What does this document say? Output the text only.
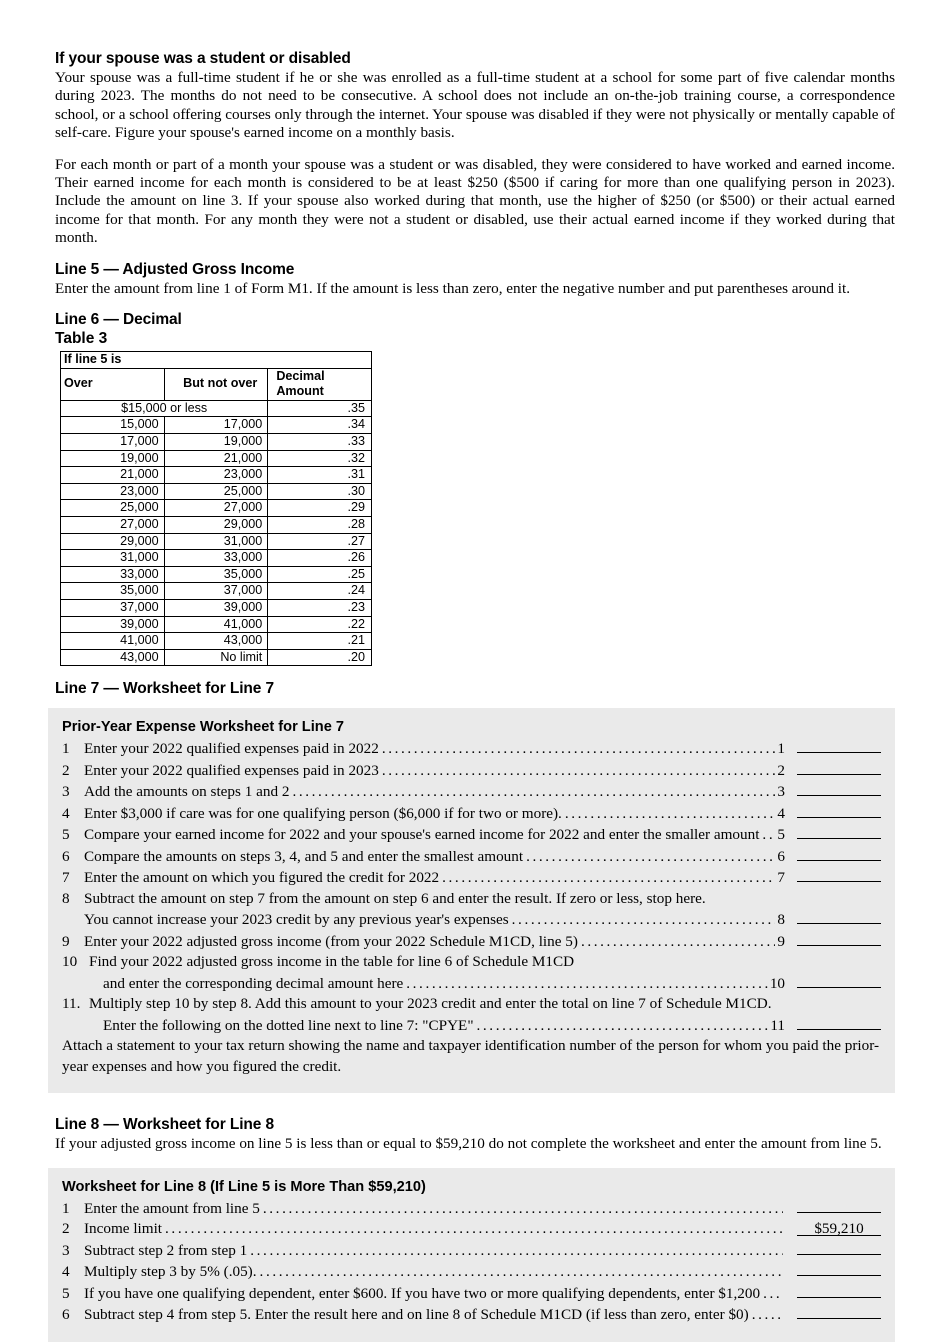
If your spouse was a student or disabled

Your spouse was a full-time student if he or she was enrolled as a full-time student at a school for some part of five calendar months during 2023. The months do not need to be consecutive. A school does not include an on-the-job training course, a correspondence school, or a school offering courses only through the internet. Your spouse was disabled if they were not physically or mentally capable of self-care. Figure your spouse's earned income on a monthly basis.

For each month or part of a month your spouse was a student or was disabled, they were considered to have worked and earned income. Their earned income for each month is considered to be at least $250 ($500 if caring for more than one qualifying person in 2023). Include the amount on line 3. If your spouse also worked during that month, use the higher of $250 (or $500) or their actual earned income for that month. For any month they were not a student or disabled, use their actual earned income if they worked during that month.

Line 5 — Adjusted Gross Income

Enter the amount from line 1 of Form M1. If the amount is less than zero, enter the negative number and put parentheses around it.

Line 6 — Decimal
Table 3
If line 5 is		
Over	But not over	Decimal Amount
$15,000 or less		.35
15,000	17,000	.34
17,000	19,000	.33
19,000	21,000	.32
21,000	23,000	.31
23,000	25,000	.30
25,000	27,000	.29
27,000	29,000	.28
29,000	31,000	.27
31,000	33,000	.26
33,000	35,000	.25
35,000	37,000	.24
37,000	39,000	.23
39,000	41,000	.22
41,000	43,000	.21
43,000	No limit	.20
Line 7 — Worksheet for Line 7
Prior-Year Expense Worksheet for Line 7
1 Enter your 2022 qualified expenses paid in 2022 .....	1
2 Enter your 2022 qualified expenses paid in 2023 .....	2
3 Add the amounts on steps 1 and 2 .....	3
4 Enter $3,000 if care was for one qualifying person ($6,000 if for two or more). .....	4
5 Compare your earned income for 2022 and your spouse's earned income for 2022 and enter the smaller amount ..... 5
6 Compare the amounts on steps 3, 4, and 5 and enter the smallest amount .....	6
7 Enter the amount on which you figured the credit for 2022 .....	7
8 Subtract the amount on step 7 from the amount on step 6 and enter the result. If zero or less, stop here.
You cannot increase your 2023 credit by any previous year's expenses .....	8
9 Enter your 2022 adjusted gross income (from your 2022 Schedule M1CD, line 5) .....	9
10 Find your 2022 adjusted gross income in the table for line 6 of Schedule M1CD
and enter the corresponding decimal amount here .....	10
11. Multiply step 10 by step 8. Add this amount to your 2023 credit and enter the total on line 7 of Schedule M1CD.
Enter the following on the dotted line next to line 7: "CPYE" .....	11
Attach a statement to your tax return showing the name and taxpayer identification number of the person for whom you paid the prior-year expenses and how you figured the credit.
Line 8 — Worksheet for Line 8

If your adjusted gross income on line 5 is less than or equal to $59,210 do not complete the worksheet and enter the amount from line 5.

Worksheet for Line 8 (If Line 5 is More Than $59,210)
1 Enter the amount from line 5
.....
2 Income limit .....	$59,210
3 Subtract step 2 from step 1
.....
4 Multiply step 3 by 5% (.05).
.....
5 If you have one qualifying dependent, enter $600. If you have two or more qualifying dependents, enter $1,200
.....
6 Subtract step 4 from step 5. Enter the result here and on line 8 of Schedule M1CD (if less than zero, enter $0)
.....
